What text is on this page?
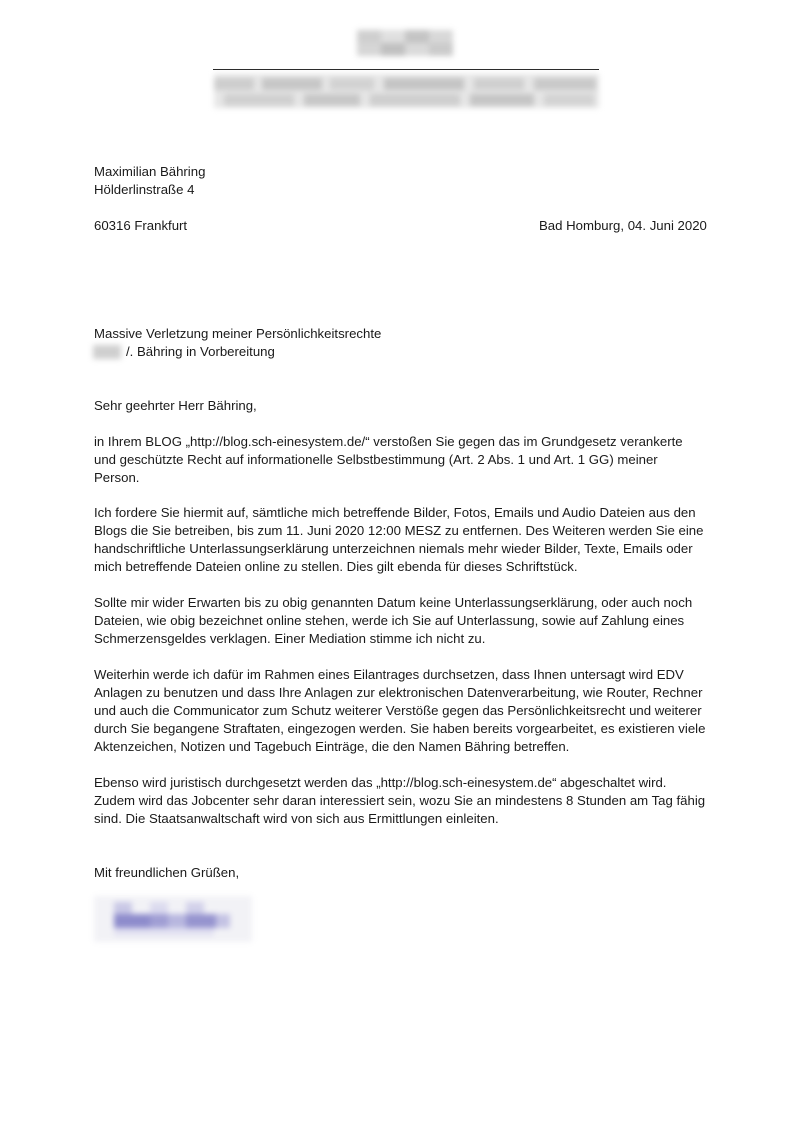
Maximilian Bähring
Hölderlinstraße 4
60316 Frankfurt	Bad Homburg, 04. Juni 2020
Massive Verletzung meiner Persönlichkeitsrechte
/. Bähring in Vorbereitung
Sehr geehrter Herr Bähring,
in Ihrem BLOG „http://blog.sch-einesystem.de/“ verstoßen Sie gegen das im Grundgesetz verankerte
und geschützte Recht auf informationelle Selbstbestimmung (Art. 2 Abs. 1 und Art. 1 GG) meiner
Person.
Ich fordere Sie hiermit auf, sämtliche mich betreffende Bilder, Fotos, Emails und Audio Dateien aus den
Blogs die Sie betreiben, bis zum 11. Juni 2020 12:00 MESZ zu entfernen. Des Weiteren werden Sie eine
handschriftliche Unterlassungserklärung unterzeichnen niemals mehr wieder Bilder, Texte, Emails oder
mich betreffende Dateien online zu stellen. Dies gilt ebenda für dieses Schriftstück.
Sollte mir wider Erwarten bis zu obig genannten Datum keine Unterlassungserklärung, oder auch noch
Dateien, wie obig bezeichnet online stehen, werde ich Sie auf Unterlassung, sowie auf Zahlung eines
Schmerzensgeldes verklagen. Einer Mediation stimme ich nicht zu.
Weiterhin werde ich dafür im Rahmen eines Eilantrages durchsetzen, dass Ihnen untersagt wird EDV
Anlagen zu benutzen und dass Ihre Anlagen zur elektronischen Datenverarbeitung, wie Router, Rechner
und auch die Communicator zum Schutz weiterer Verstöße gegen das Persönlichkeitsrecht und weiterer
durch Sie begangene Straftaten, eingezogen werden. Sie haben bereits vorgearbeitet, es existieren viele
Aktenzeichen, Notizen und Tagebuch Einträge, die den Namen Bähring betreffen.
Ebenso wird juristisch durchgesetzt werden das „http://blog.sch-einesystem.de“ abgeschaltet wird.
Zudem wird das Jobcenter sehr daran interessiert sein, wozu Sie an mindestens 8 Stunden am Tag fähig
sind. Die Staatsanwaltschaft wird von sich aus Ermittlungen einleiten.
Mit freundlichen Grüßen,
